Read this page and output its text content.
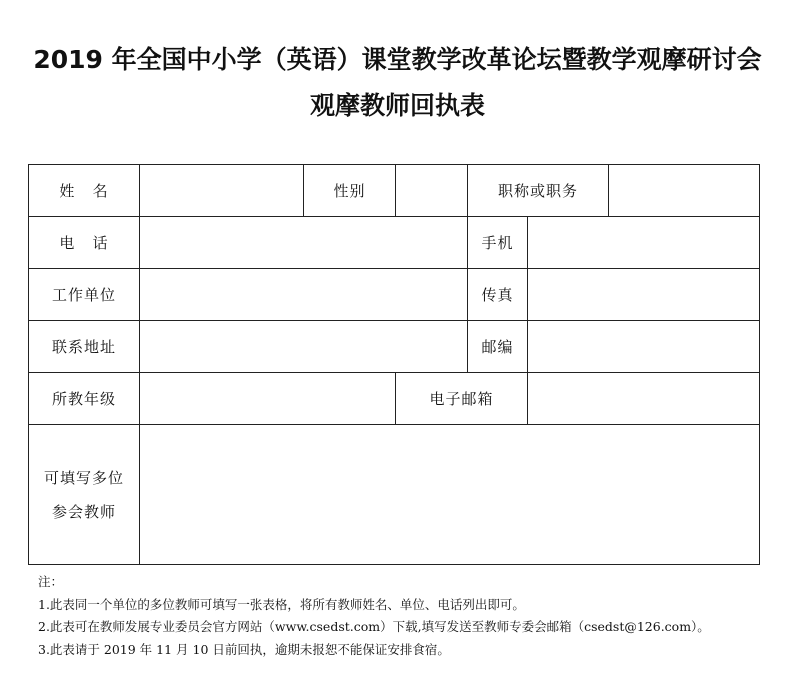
2019 年全国中小学（英语）课堂教学改革论坛暨教学观摩研讨会
观摩教师回执表
姓   名		性别		职称或职务		
电   话				手机		
工作单位				传真		
联系地址				邮编		
所教年级			电子邮箱			

可填写多位
参会教师						

注：
1.此表同一个单位的多位教师可填写一张表格，将所有教师姓名、单位、电话列出即可。
2.此表可在教师发展专业委员会官方网站（www.csedst.com）下载,填写发送至教师专委会邮箱（csedst@126.com）。
3.此表请于 2019 年 11 月 10 日前回执，逾期未报恕不能保证安排食宿。
